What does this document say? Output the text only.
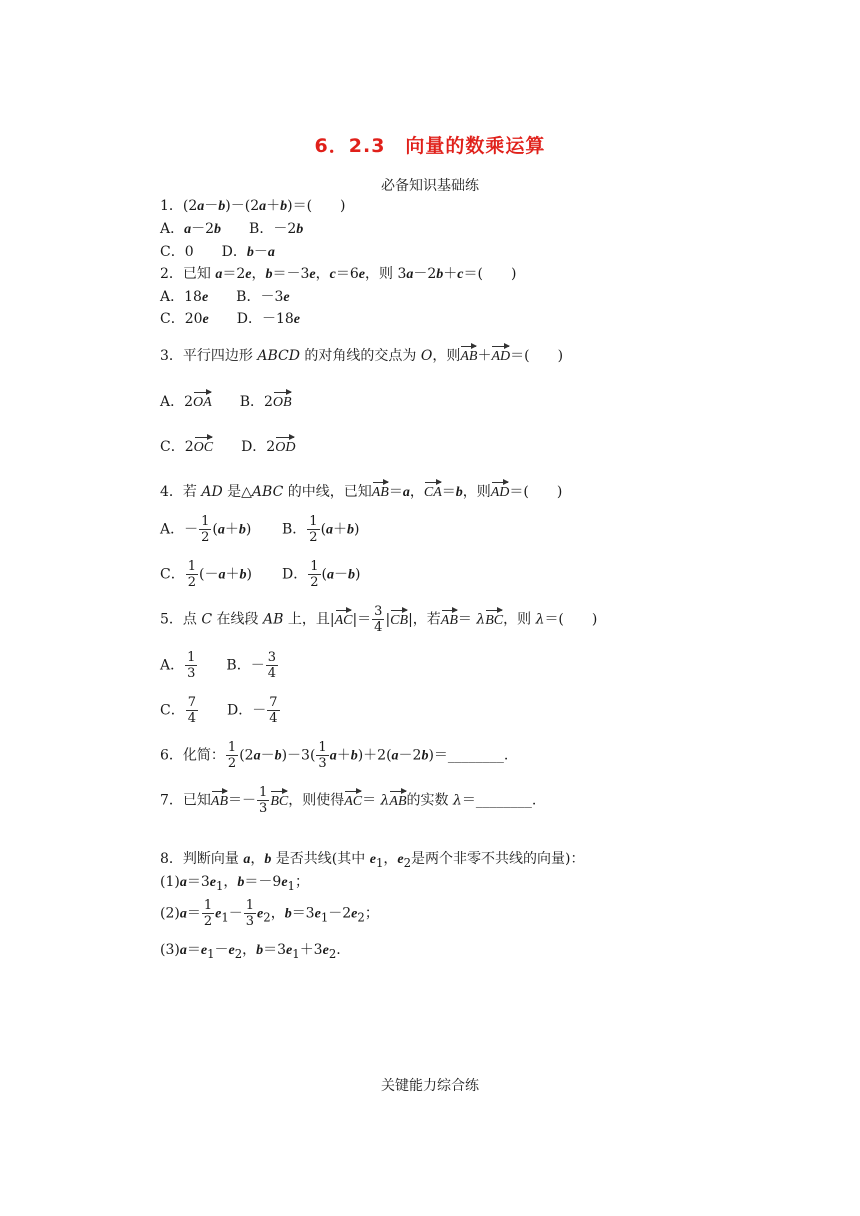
6．2.3　向量的数乘运算
必备知识基础练
1．(2a－b)－(2a＋b)＝(　　)
A．a－2b　　B．－2b
C．0　　D．b－a
2．已知 a＝2e，b＝－3e，c＝6e，则 3a－2b＋c＝(　　)
A．18e　　B．－3e
C．20e　　D．－18e
3．平行四边形 ABCD 的对角线的交点为 O，则AB＋AD＝(　　)
A．2OA　　B．2OB
C．2OC　　D．2OD
4．若 AD 是△ABC 的中线，已知AB＝a，CA＝b，则AD＝(　　)
A．－ $\frac{1}{2} (a+b)$ B． $\frac{1}{2} (a+b)$
C． $\frac{1}{2} (-a+b)$ D． $\frac{1}{2} (a-b)$
5．点 C 在线段 AB 上，且$|AC|= \frac{3}{4} |CB|$，若AB＝ λBC，则 λ＝(　　)
A． $\frac{1}{3}$ 　　B．－ $\frac{3}{4}$
C． $\frac{7}{4}$ 　　D．－ $\frac{7}{4}$
6．化简： $\frac{1}{2} (2a-b)-3( \frac{1}{3}$ a＋b)＋2(a－2b)＝________.
7．已知$AB=- \frac{1}{3}$ BC，则使得AC＝ λAB的实数 λ＝________.
8．判断向量 a，b 是否共线(其中 $e_1$，$e_2$是两个非零不共线的向量)：
$(1)a=3e_1$，$b=-9e_1$；
$(2)a= \frac{1}{2} e_1- \frac{1}{3} e_2$，$b=3e_1-2e_2$；
$(3)a=e_1-e_2$，$b=3e_1+3e_2$.
关键能力综合练
